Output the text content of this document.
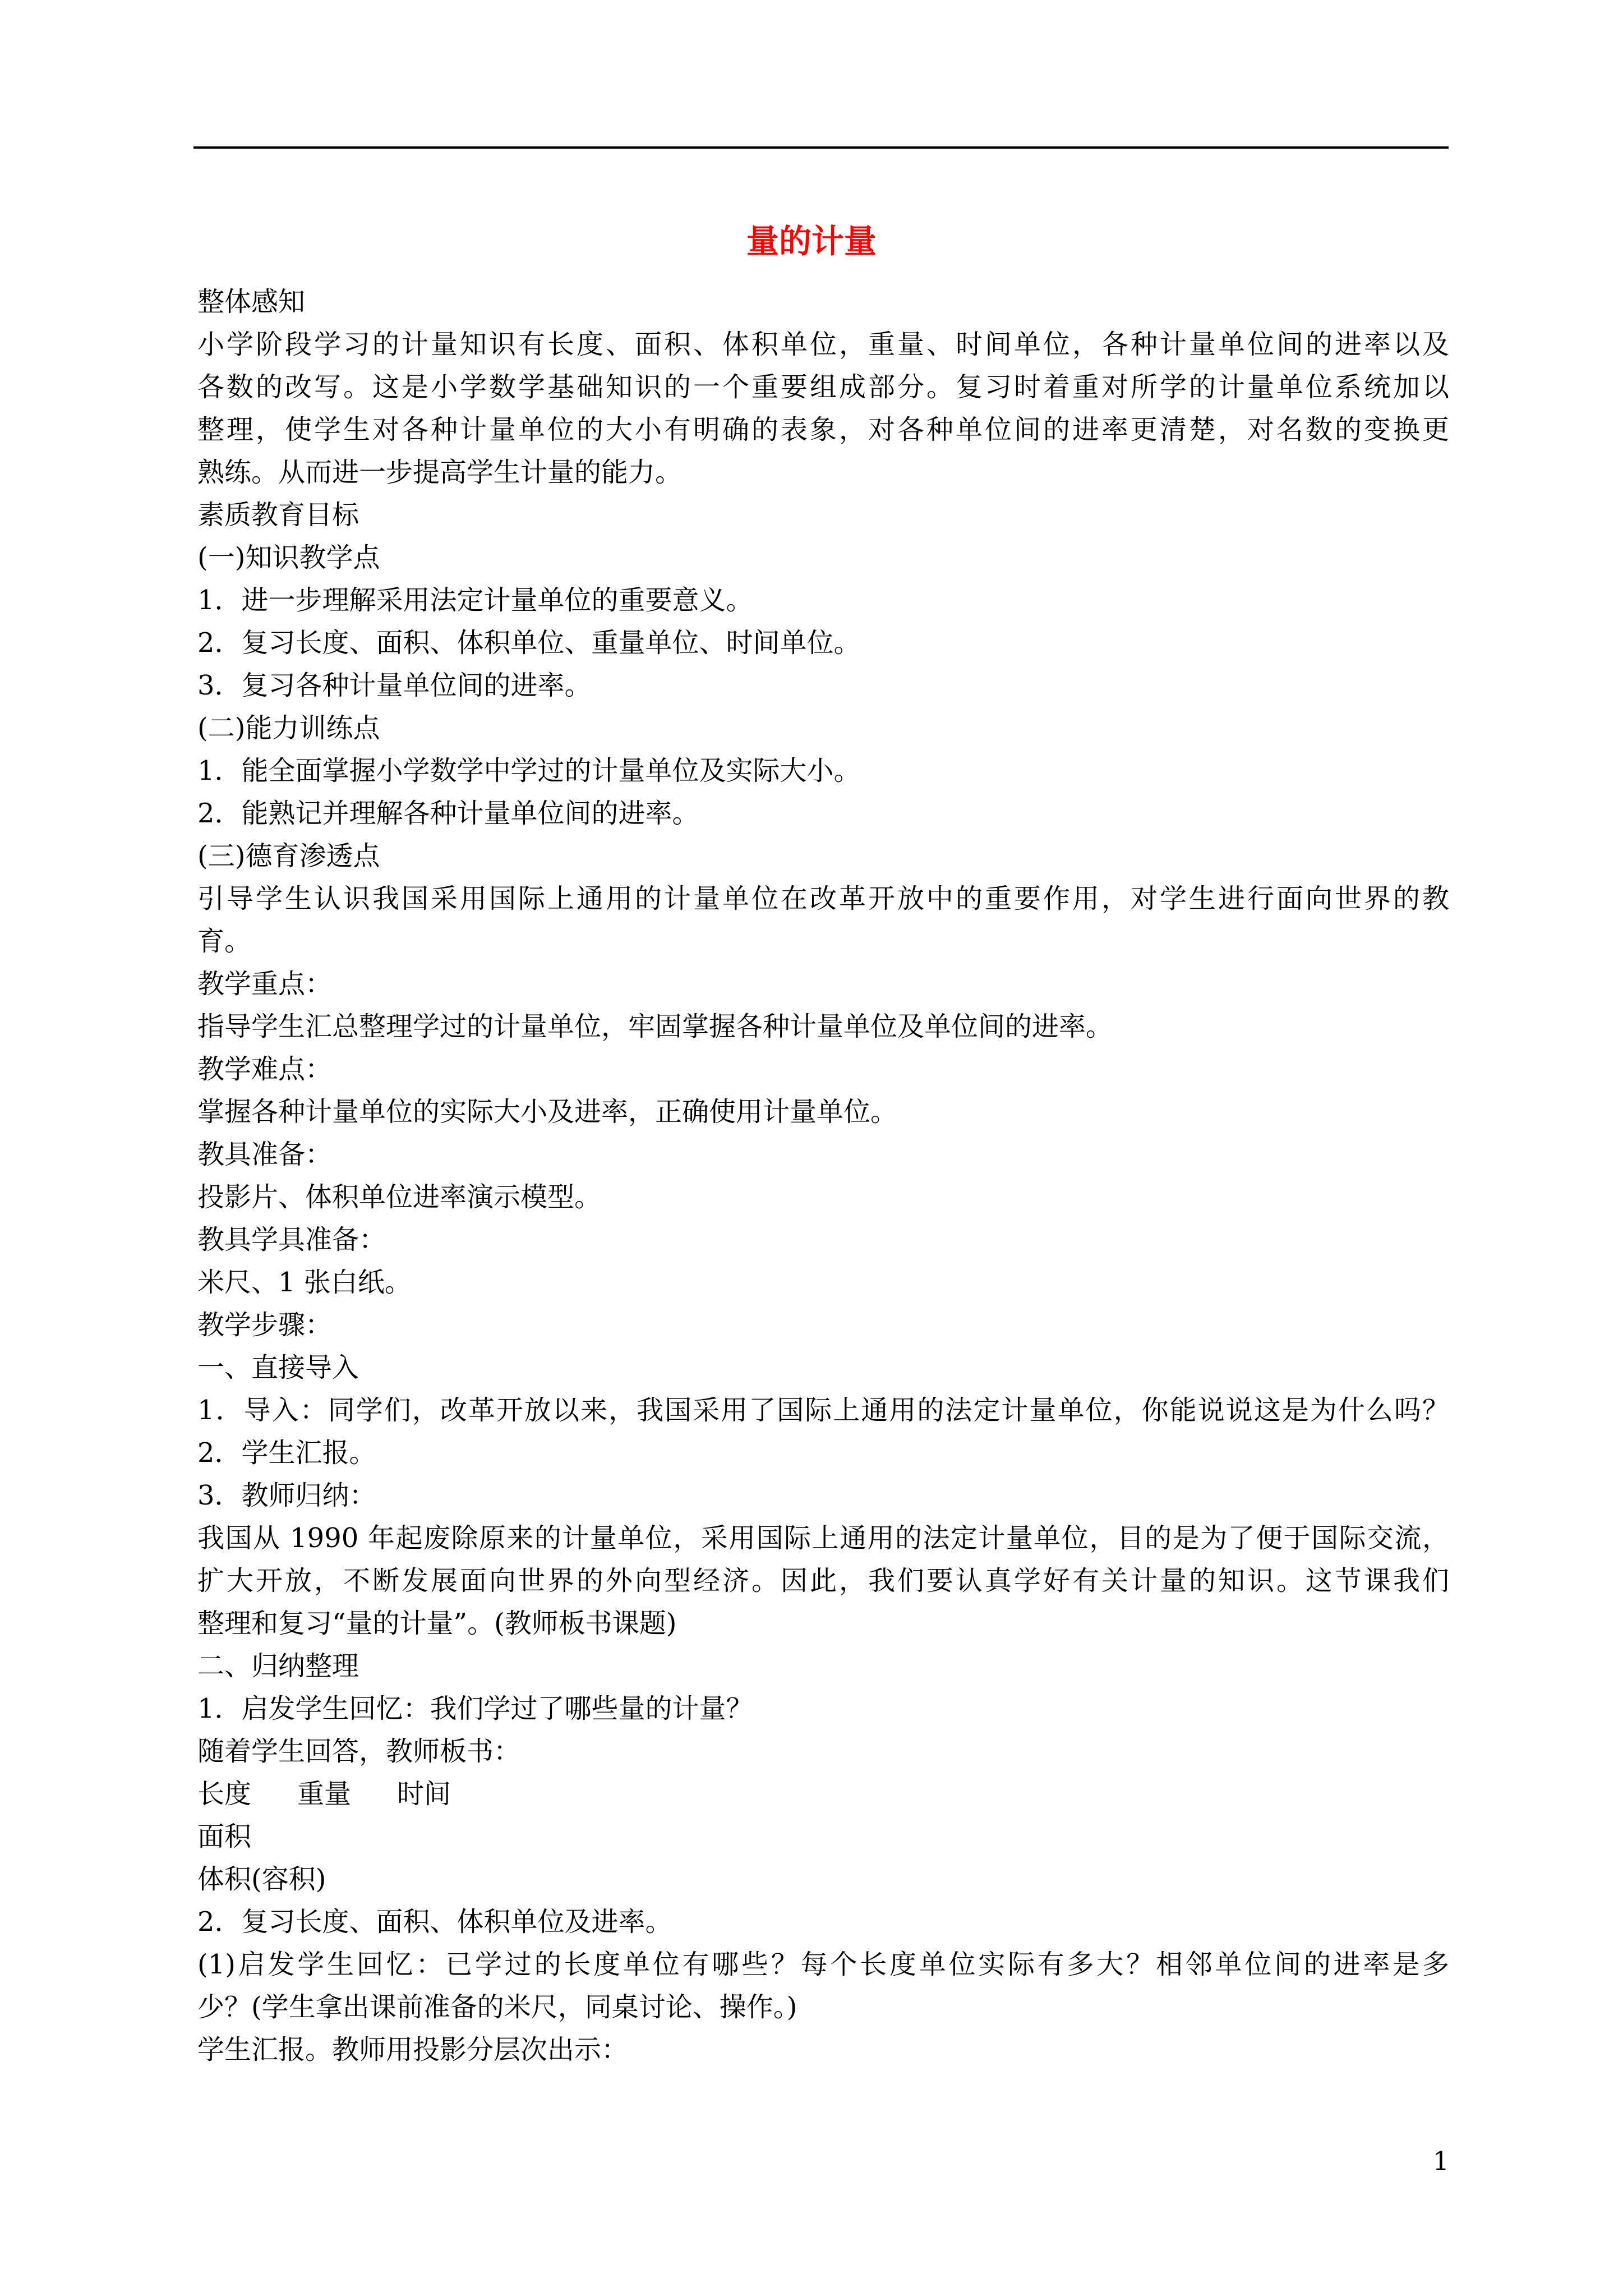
量的计量

整体感知

小学阶段学习的计量知识有长度、面积、体积单位，重量、时间单位，各种计量单位间的进率以及

各数的改写。这是小学数学基础知识的一个重要组成部分。复习时着重对所学的计量单位系统加以

整理，使学生对各种计量单位的大小有明确的表象，对各种单位间的进率更清楚，对名数的变换更

熟练。从而进一步提高学生计量的能力。

素质教育目标

(一)知识教学点

1．进一步理解采用法定计量单位的重要意义。

2．复习长度、面积、体积单位、重量单位、时间单位。

3．复习各种计量单位间的进率。

(二)能力训练点

1．能全面掌握小学数学中学过的计量单位及实际大小。

2．能熟记并理解各种计量单位间的进率。

(三)德育渗透点

引导学生认识我国采用国际上通用的计量单位在改革开放中的重要作用，对学生进行面向世界的教

育。

教学重点：

指导学生汇总整理学过的计量单位，牢固掌握各种计量单位及单位间的进率。

教学难点：

掌握各种计量单位的实际大小及进率，正确使用计量单位。

教具准备：

投影片、体积单位进率演示模型。

教具学具准备：

米尺、1 张白纸。

教学步骤：

一、直接导入

1．导入：同学们，改革开放以来，我国采用了国际上通用的法定计量单位，你能说说这是为什么吗？

2．学生汇报。

3．教师归纳：

我国从 1990 年起废除原来的计量单位，采用国际上通用的法定计量单位，目的是为了便于国际交流，

扩大开放，不断发展面向世界的外向型经济。因此，我们要认真学好有关计量的知识。这节课我们

整理和复习“量的计量”。(教师板书课题)

二、归纳整理

1．启发学生回忆：我们学过了哪些量的计量？

随着学生回答，教师板书：

长度 重量 时间

面积

体积(容积)

2．复习长度、面积、体积单位及进率。

(1)启发学生回忆：已学过的长度单位有哪些？每个长度单位实际有多大？相邻单位间的进率是多

少？(学生拿出课前准备的米尺，同桌讨论、操作。)

学生汇报。教师用投影分层次出示：

1
